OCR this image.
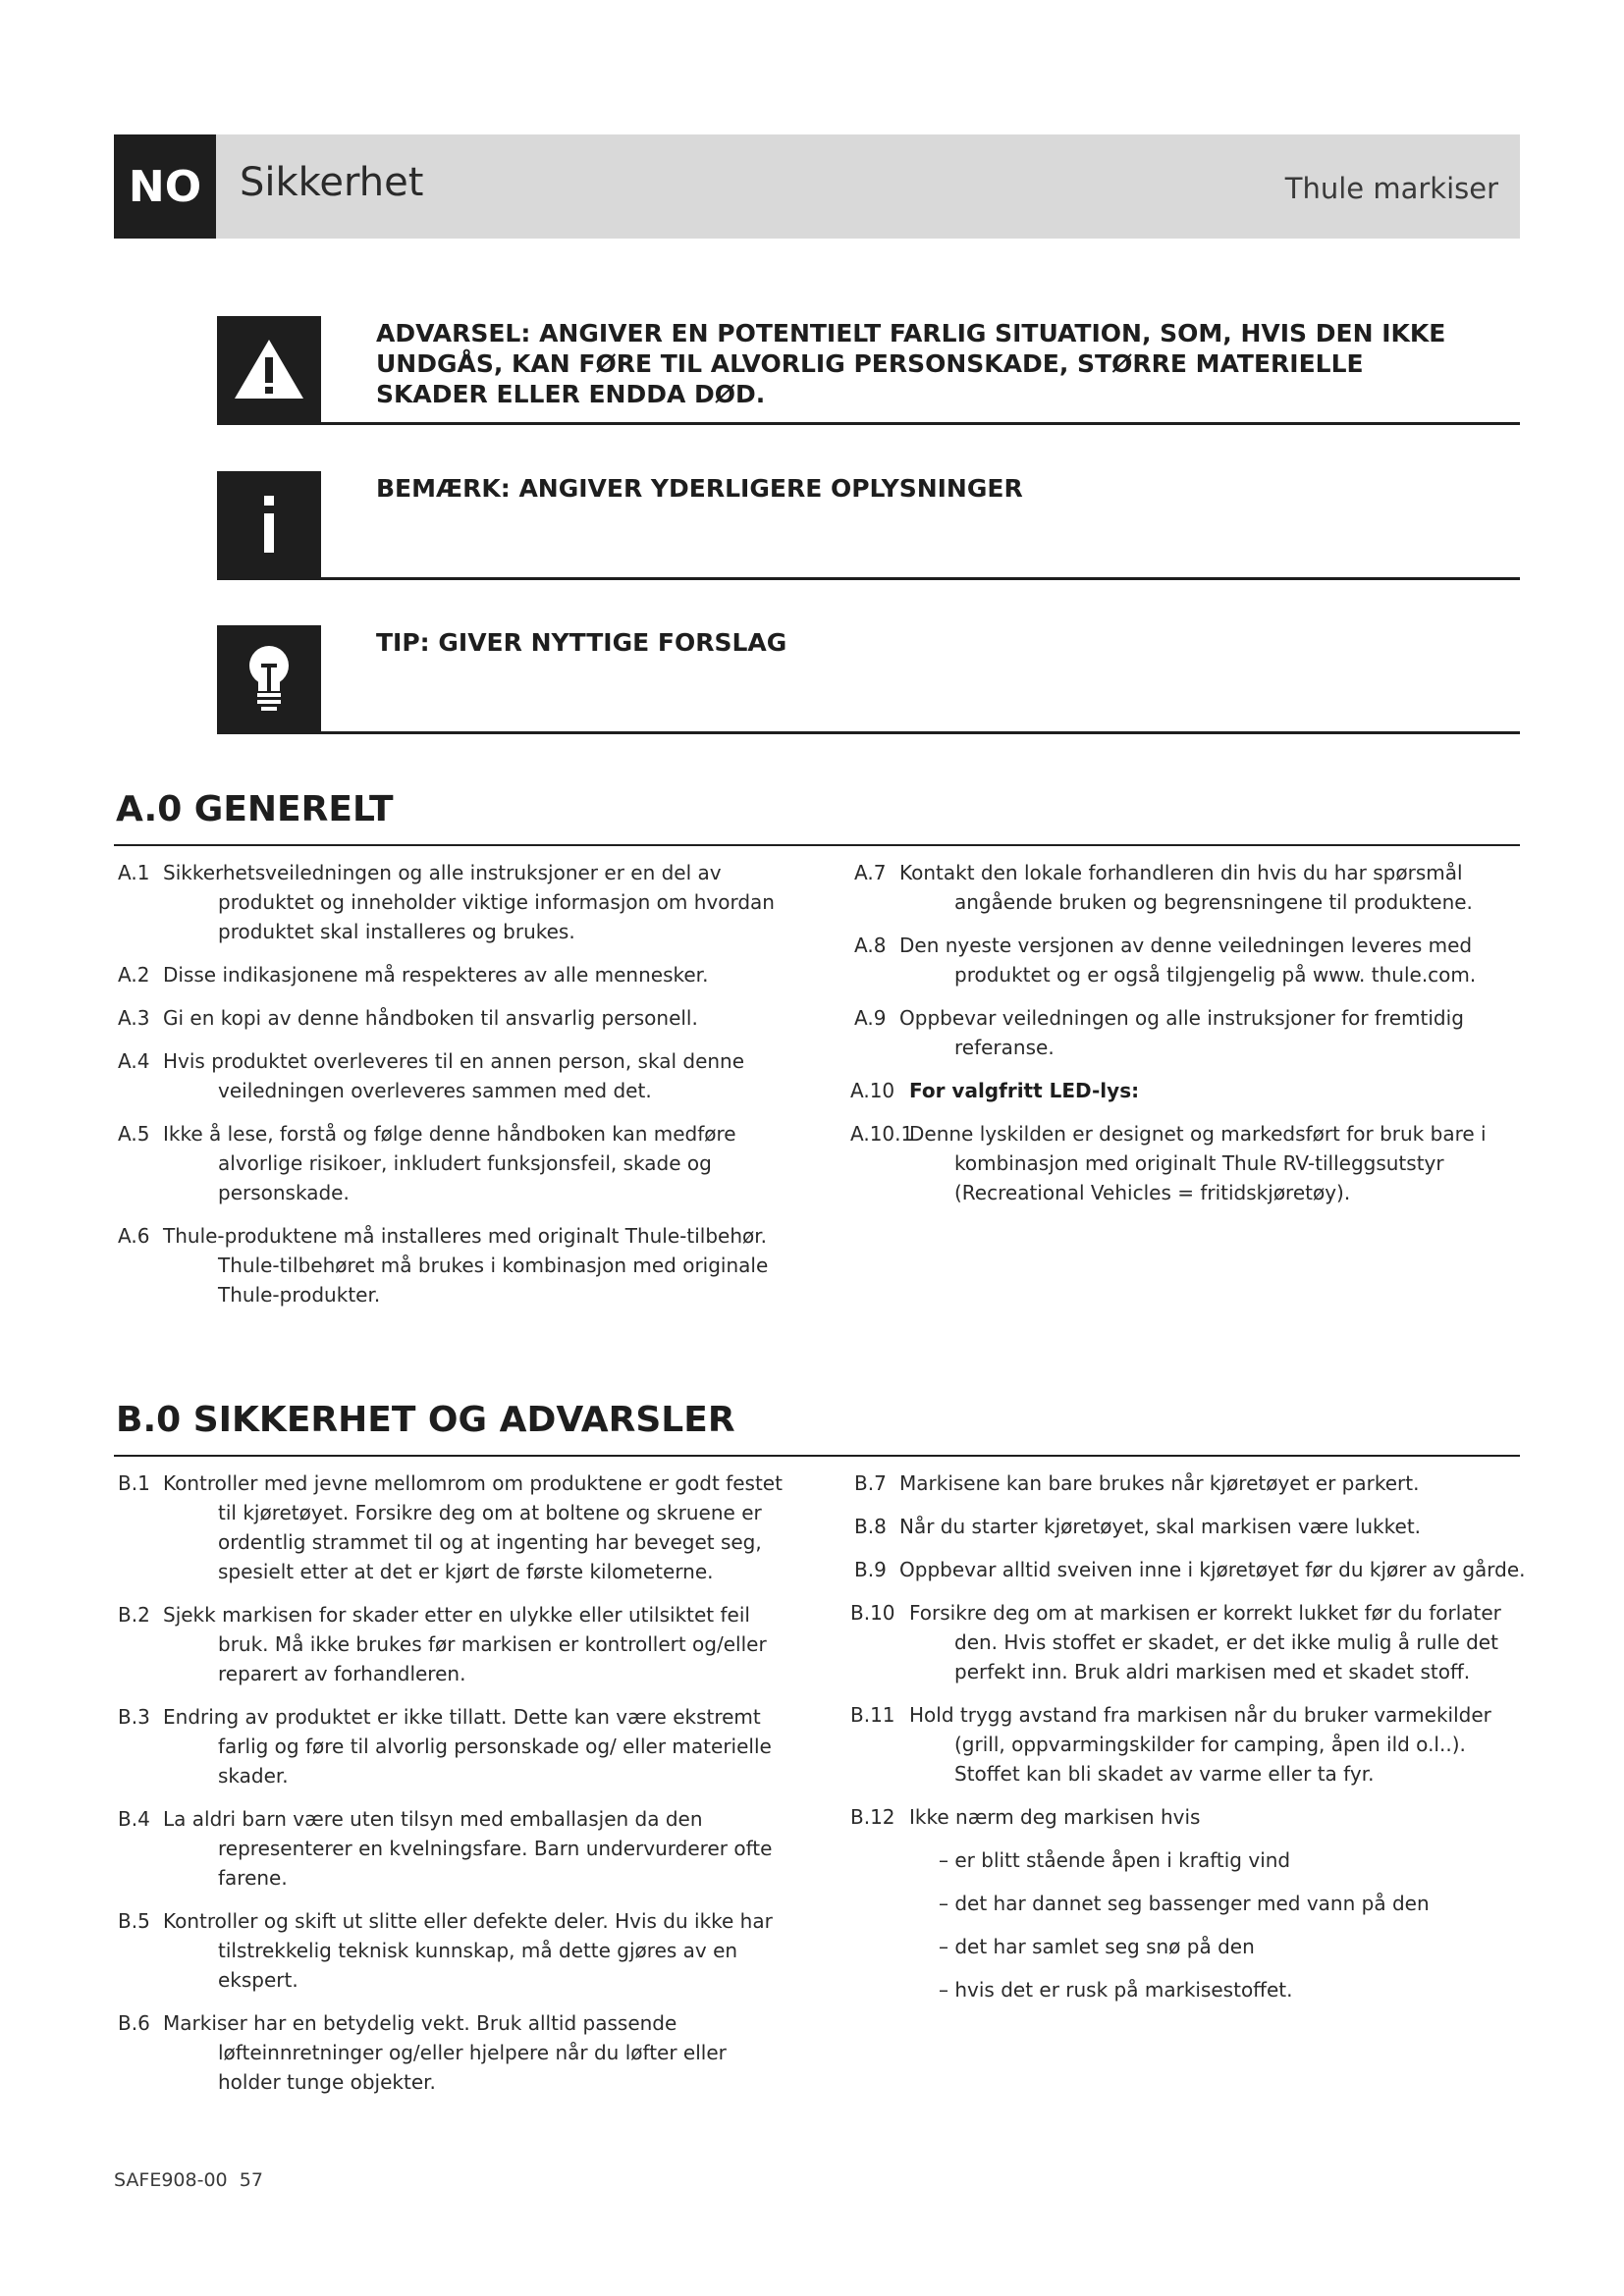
NO Sikkerhet	Thule markiser
ADVARSEL: ANGIVER EN POTENTIELT FARLIG SITUATION, SOM, HVIS DEN IKKE UNDGÅS, KAN FØRE TIL ALVORLIG PERSONSKADE, STØRRE MATERIELLE SKADER ELLER ENDDA DØD.
BEMÆRK: ANGIVER YDERLIGERE OPLYSNINGER
TIP: GIVER NYTTIGE FORSLAG
A.0 GENERELT
A.1 Sikkerhetsveiledningen og alle instruksjoner er en del av produktet og inneholder viktige informasjon om hvordan produktet skal installeres og brukes.
A.2 Disse indikasjonene må respekteres av alle mennesker.
A.3 Gi en kopi av denne håndboken til ansvarlig personell.
A.4 Hvis produktet overleveres til en annen person, skal denne veiledningen overleveres sammen med det.
A.5 Ikke å lese, forstå og følge denne håndboken kan medføre alvorlige risikoer, inkludert funksjonsfeil, skade og personskade.
A.6 Thule-produktene må installeres med originalt Thule-tilbehør. Thule-tilbehøret må brukes i kombinasjon med originale Thule-produkter.
A.7 Kontakt den lokale forhandleren din hvis du har spørsmål angående bruken og begrensningene til produktene.
A.8 Den nyeste versjonen av denne veiledningen leveres med produktet og er også tilgjengelig på www. thule.com.
A.9 Oppbevar veiledningen og alle instruksjoner for fremtidig referanse.
A.10 For valgfritt LED-lys:
A.10.1
Denne lyskilden er designet og markedsført for bruk bare i kombinasjon med originalt Thule RV-tilleggsutstyr (Recreational Vehicles = fritidskjøretøy).
B.0 SIKKERHET OG ADVARSLER
B.1 Kontroller med jevne mellomrom om produktene er godt festet til kjøretøyet. Forsikre deg om at boltene og skruene er ordentlig strammet til og at ingenting har beveget seg, spesielt etter at det er kjørt de første kilometerne.
B.2 Sjekk markisen for skader etter en ulykke eller utilsiktet feil bruk. Må ikke brukes før markisen er kontrollert og/eller reparert av forhandleren.
B.3 Endring av produktet er ikke tillatt. Dette kan være ekstremt farlig og føre til alvorlig personskade og/ eller materielle skader.
B.4 La aldri barn være uten tilsyn med emballasjen da den representerer en kvelningsfare. Barn undervurderer ofte farene.
B.5 Kontroller og skift ut slitte eller defekte deler. Hvis du ikke har tilstrekkelig teknisk kunnskap, må dette gjøres av en ekspert.
B.6 Markiser har en betydelig vekt. Bruk alltid passende løfteinnretninger og/eller hjelpere når du løfter eller holder tunge objekter.
B.7 Markisene kan bare brukes når kjøretøyet er parkert.
B.8 Når du starter kjøretøyet, skal markisen være lukket.
B.9 Oppbevar alltid sveiven inne i kjøretøyet før du kjører av gårde.
B.10 Forsikre deg om at markisen er korrekt lukket før du forlater den. Hvis stoffet er skadet, er det ikke mulig å rulle det perfekt inn. Bruk aldri markisen med et skadet stoff.
B.11 Hold trygg avstand fra markisen når du bruker varmekilder (grill, oppvarmingskilder for camping, åpen ild o.l..). Stoffet kan bli skadet av varme eller ta fyr.
B.12 Ikke nærm deg markisen hvis
– er blitt stående åpen i kraftig vind
– det har dannet seg bassenger med vann på den
– det har samlet seg snø på den
– hvis det er rusk på markisestoffet.
SAFE908-00 57
